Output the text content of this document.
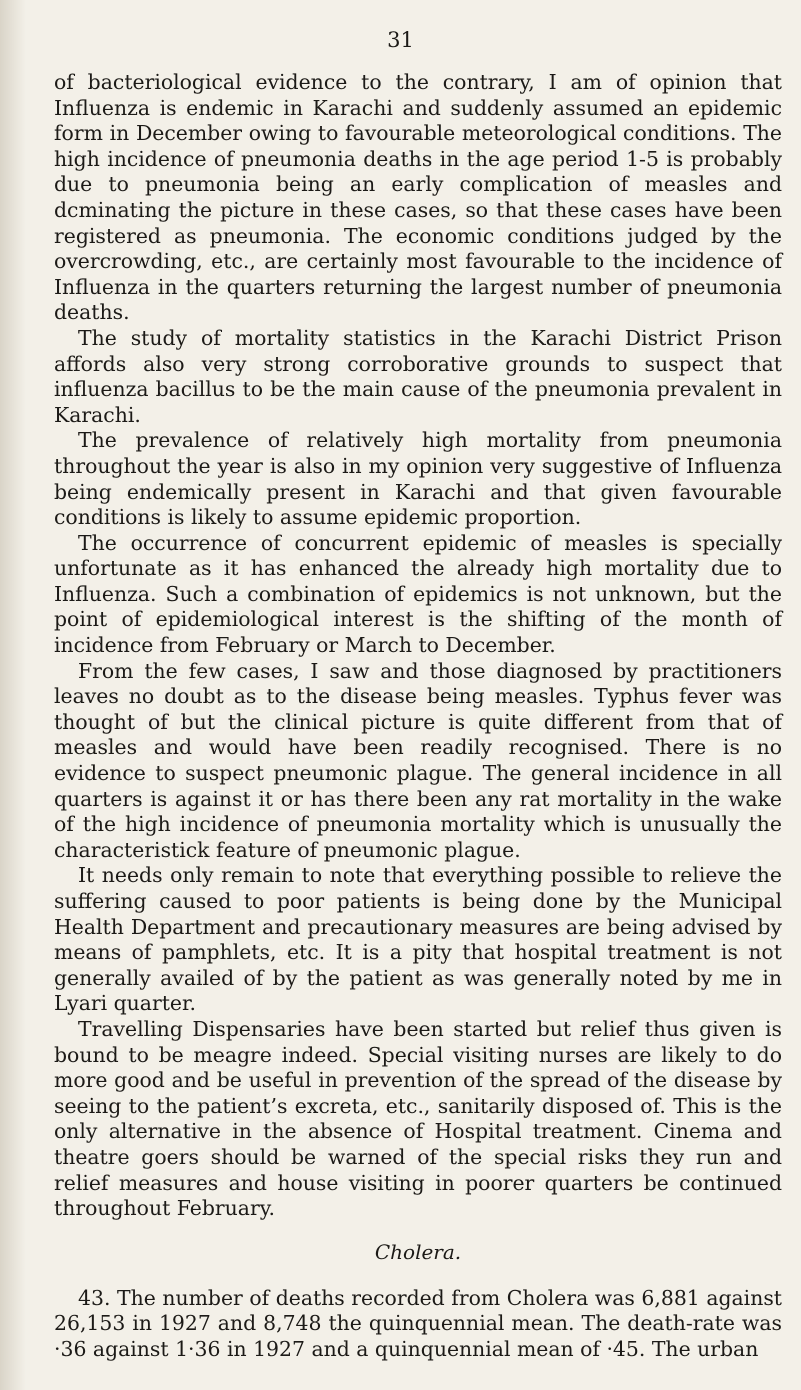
31

of bacteriological evidence to the contrary, I am of opinion that Influenza is endemic in Karachi and suddenly assumed an epidemic form in December owing to favourable meteorological conditions. The high incidence of pneumonia deaths in the age period 1-5 is probably due to pneumonia being an early complication of measles and dcminating the picture in these cases, so that these cases have been registered as pneumonia. The economic conditions judged by the overcrowding, etc., are certainly most favourable to the incidence of Influenza in the quarters returning the largest number of pneumonia deaths.

The study of mortality statistics in the Karachi District Prison affords also very strong corroborative grounds to suspect that influenza bacillus to be the main cause of the pneumonia prevalent in Karachi.

The prevalence of relatively high mortality from pneumonia throughout the year is also in my opinion very suggestive of Influenza being endemically present in Karachi and that given favourable conditions is likely to assume epidemic proportion.

The occurrence of concurrent epidemic of measles is specially unfortunate as it has enhanced the already high mortality due to Influenza. Such a combination of epidemics is not unknown, but the point of epidemiological interest is the shifting of the month of incidence from February or March to December.

From the few cases, I saw and those diagnosed by practitioners leaves no doubt as to the disease being measles. Typhus fever was thought of but the clinical picture is quite different from that of measles and would have been readily recognised. There is no evidence to suspect pneumonic plague. The general incidence in all quarters is against it or has there been any rat mortality in the wake of the high incidence of pneumonia mortality which is unusually the characteristick feature of pneumonic plague.

It needs only remain to note that everything possible to relieve the suffering caused to poor patients is being done by the Municipal Health Department and precautionary measures are being advised by means of pamphlets, etc. It is a pity that hospital treatment is not generally availed of by the patient as was generally noted by me in Lyari quarter.

Travelling Dispensaries have been started but relief thus given is bound to be meagre indeed. Special visiting nurses are likely to do more good and be useful in prevention of the spread of the disease by seeing to the patient’s excreta, etc., sanitarily disposed of. This is the only alternative in the absence of Hospital treatment. Cinema and theatre goers should be warned of the special risks they run and relief measures and house visiting in poorer quarters be continued throughout February.

Cholera.

43. The number of deaths recorded from Cholera was 6,881 against 26,153 in 1927 and 8,748 the quinquennial mean. The death-rate was ·36 against 1·36 in 1927 and a quinquennial mean of ·45. The urban
